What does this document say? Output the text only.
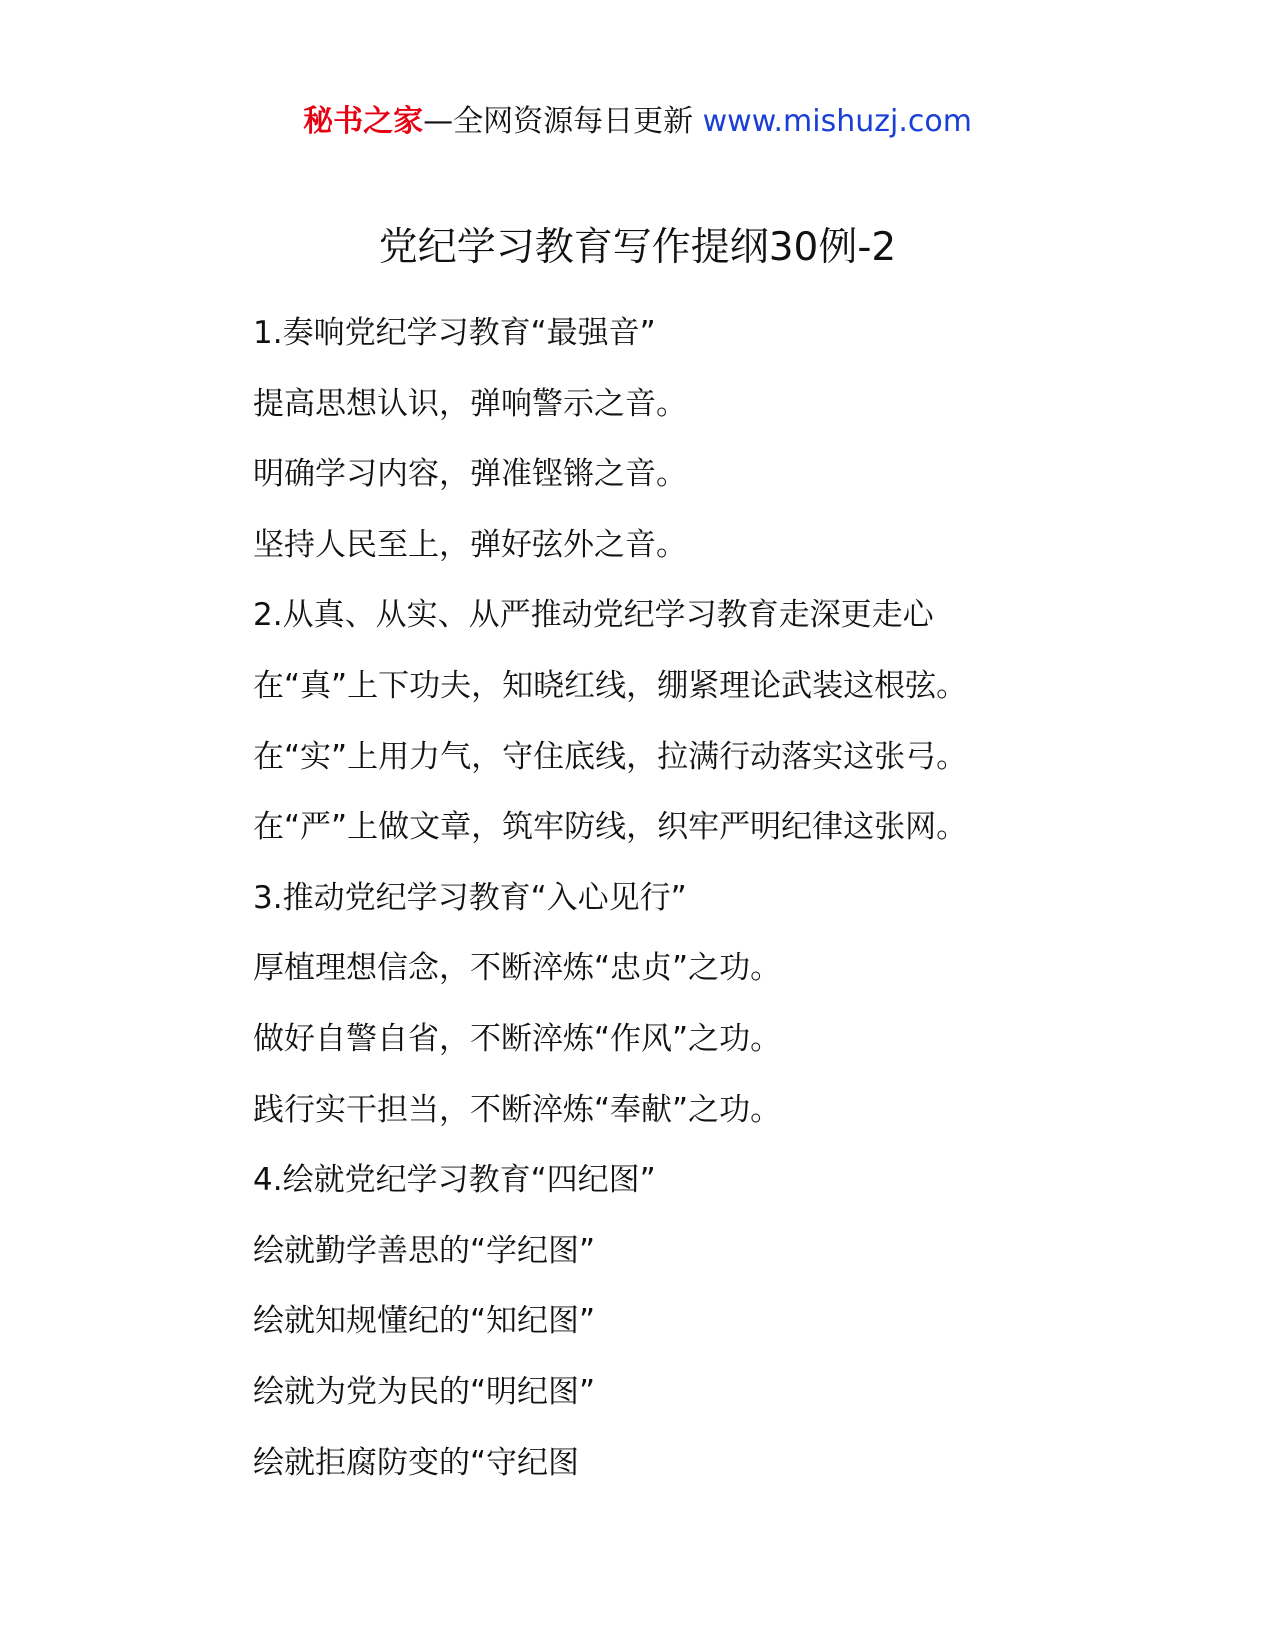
秘书之家—全网资源每日更新 www.mishuzj.com
党纪学习教育写作提纲30例-2
1.奏响党纪学习教育“最强音”
提高思想认识，弹响警示之音。
明确学习内容，弹准铿锵之音。
坚持人民至上，弹好弦外之音。
2.从真、从实、从严推动党纪学习教育走深更走心
在“真”上下功夫，知晓红线，绷紧理论武装这根弦。
在“实”上用力气，守住底线，拉满行动落实这张弓。
在“严”上做文章，筑牢防线，织牢严明纪律这张网。
3.推动党纪学习教育“入心见行”
厚植理想信念，不断淬炼“忠贞”之功。
做好自警自省，不断淬炼“作风”之功。
践行实干担当，不断淬炼“奉献”之功。
4.绘就党纪学习教育“四纪图”
绘就勤学善思的“学纪图”
绘就知规懂纪的“知纪图”
绘就为党为民的“明纪图”
绘就拒腐防变的“守纪图
